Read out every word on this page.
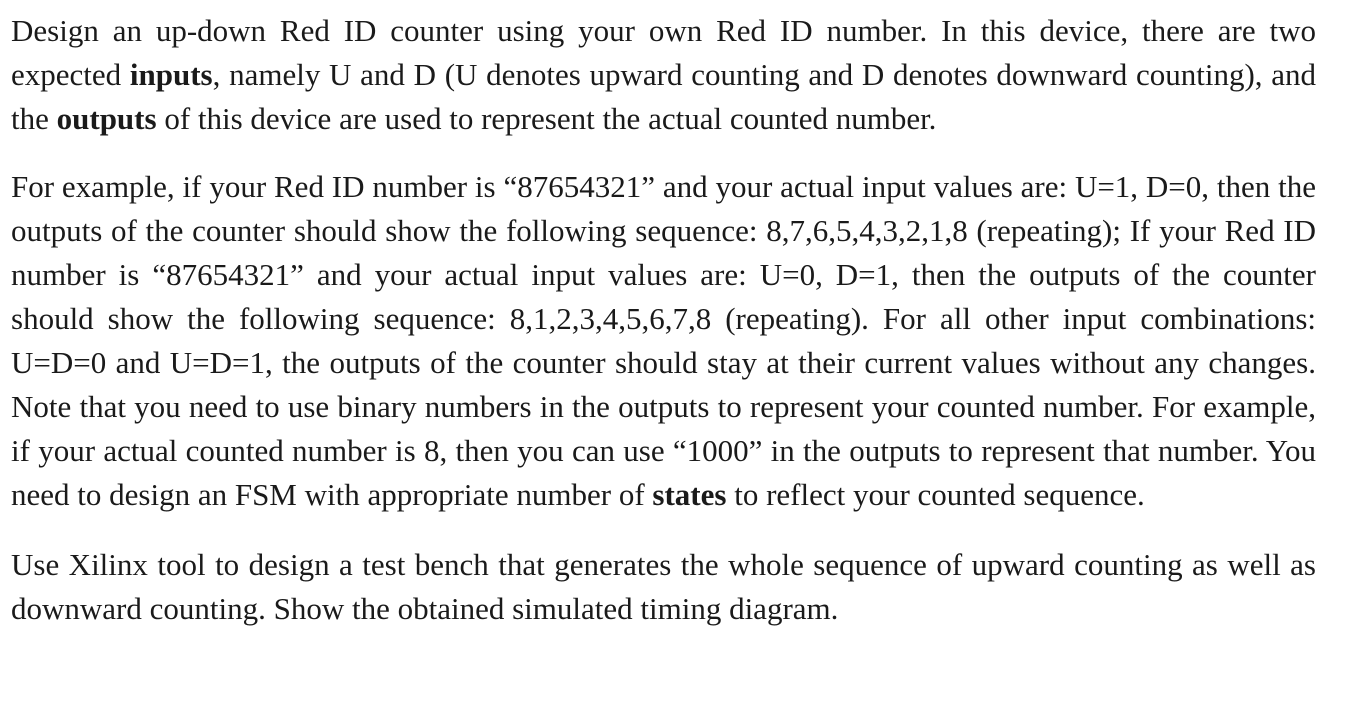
Design an up-down Red ID counter using your own Red ID number. In this device, there are two expected inputs, namely U and D (U denotes upward counting and D denotes downward counting), and the outputs of this device are used to represent the actual counted number.

For example, if your Red ID number is “87654321” and your actual input values are: U=1, D=0, then the outputs of the counter should show the following sequence: 8,7,6,5,4,3,2,1,8 (repeating); If your Red ID number is “87654321” and your actual input values are: U=0, D=1, then the outputs of the counter should show the following sequence: 8,1,2,3,4,5,6,7,8 (repeating). For all other input combinations: U=D=0 and U=D=1, the outputs of the counter should stay at their current values without any changes. Note that you need to use binary numbers in the outputs to represent your counted number. For example, if your actual counted number is 8, then you can use “1000” in the outputs to represent that number. You need to design an FSM with appropriate number of states to reflect your counted sequence.

Use Xilinx tool to design a test bench that generates the whole sequence of upward counting as well as downward counting. Show the obtained simulated timing diagram.
